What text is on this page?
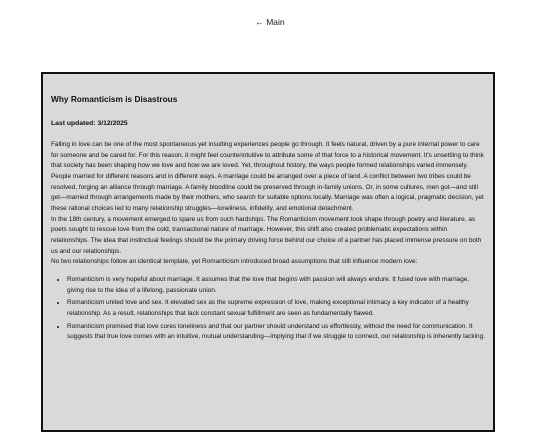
← Main
Why Romanticism is Disastrous
Last updated: 3/12/2025

Falling in love can be one of the most spontaneous yet insulting experiences people go through. It feels natural, driven by a pure internal power to care for someone and be cared for. For this reason, it might feel counterintuitive to attribute some of that force to a historical movement. It's unsettling to think that society has been shaping how we love and how we are loved. Yet, throughout history, the ways people formed relationships varied immensely.

People married for different reasons and in different ways. A marriage could be arranged over a piece of land. A conflict between two tribes could be resolved, forging an alliance through marriage. A family bloodline could be preserved through in-family unions. Or, in some cultures, men got—and still get—married through arrangements made by their mothers, who search for suitable options locally. Marriage was often a logical, pragmatic decision, yet these rational choices led to many relationship struggles—loneliness, infidelity, and emotional detachment.

In the 18th century, a movement emerged to spare us from such hardships. The Romanticism movement took shape through poetry and literature, as poets sought to rescue love from the cold, transactional nature of marriage. However, this shift also created problematic expectations within relationships. The idea that instinctual feelings should be the primary driving force behind our choice of a partner has placed immense pressure on both us and our relationships.

No two relationships follow an identical template, yet Romanticism introduced broad assumptions that still influence modern love:

• Romanticism is very hopeful about marriage. It assumes that the love that begins with passion will always endure. It fused love with marriage, giving rise to the idea of a lifelong, passionate union.
• Romanticism united love and sex. It elevated sex as the supreme expression of love, making exceptional intimacy a key indicator of a healthy relationship. As a result, relationships that lack constant sexual fulfillment are seen as fundamentally flawed.
• Romanticism promised that love cures loneliness and that our partner should understand us effortlessly, without the need for communication. It suggests that true love comes with an intuitive, mutual understanding—implying that if we struggle to connect, our relationship is inherently lacking.
